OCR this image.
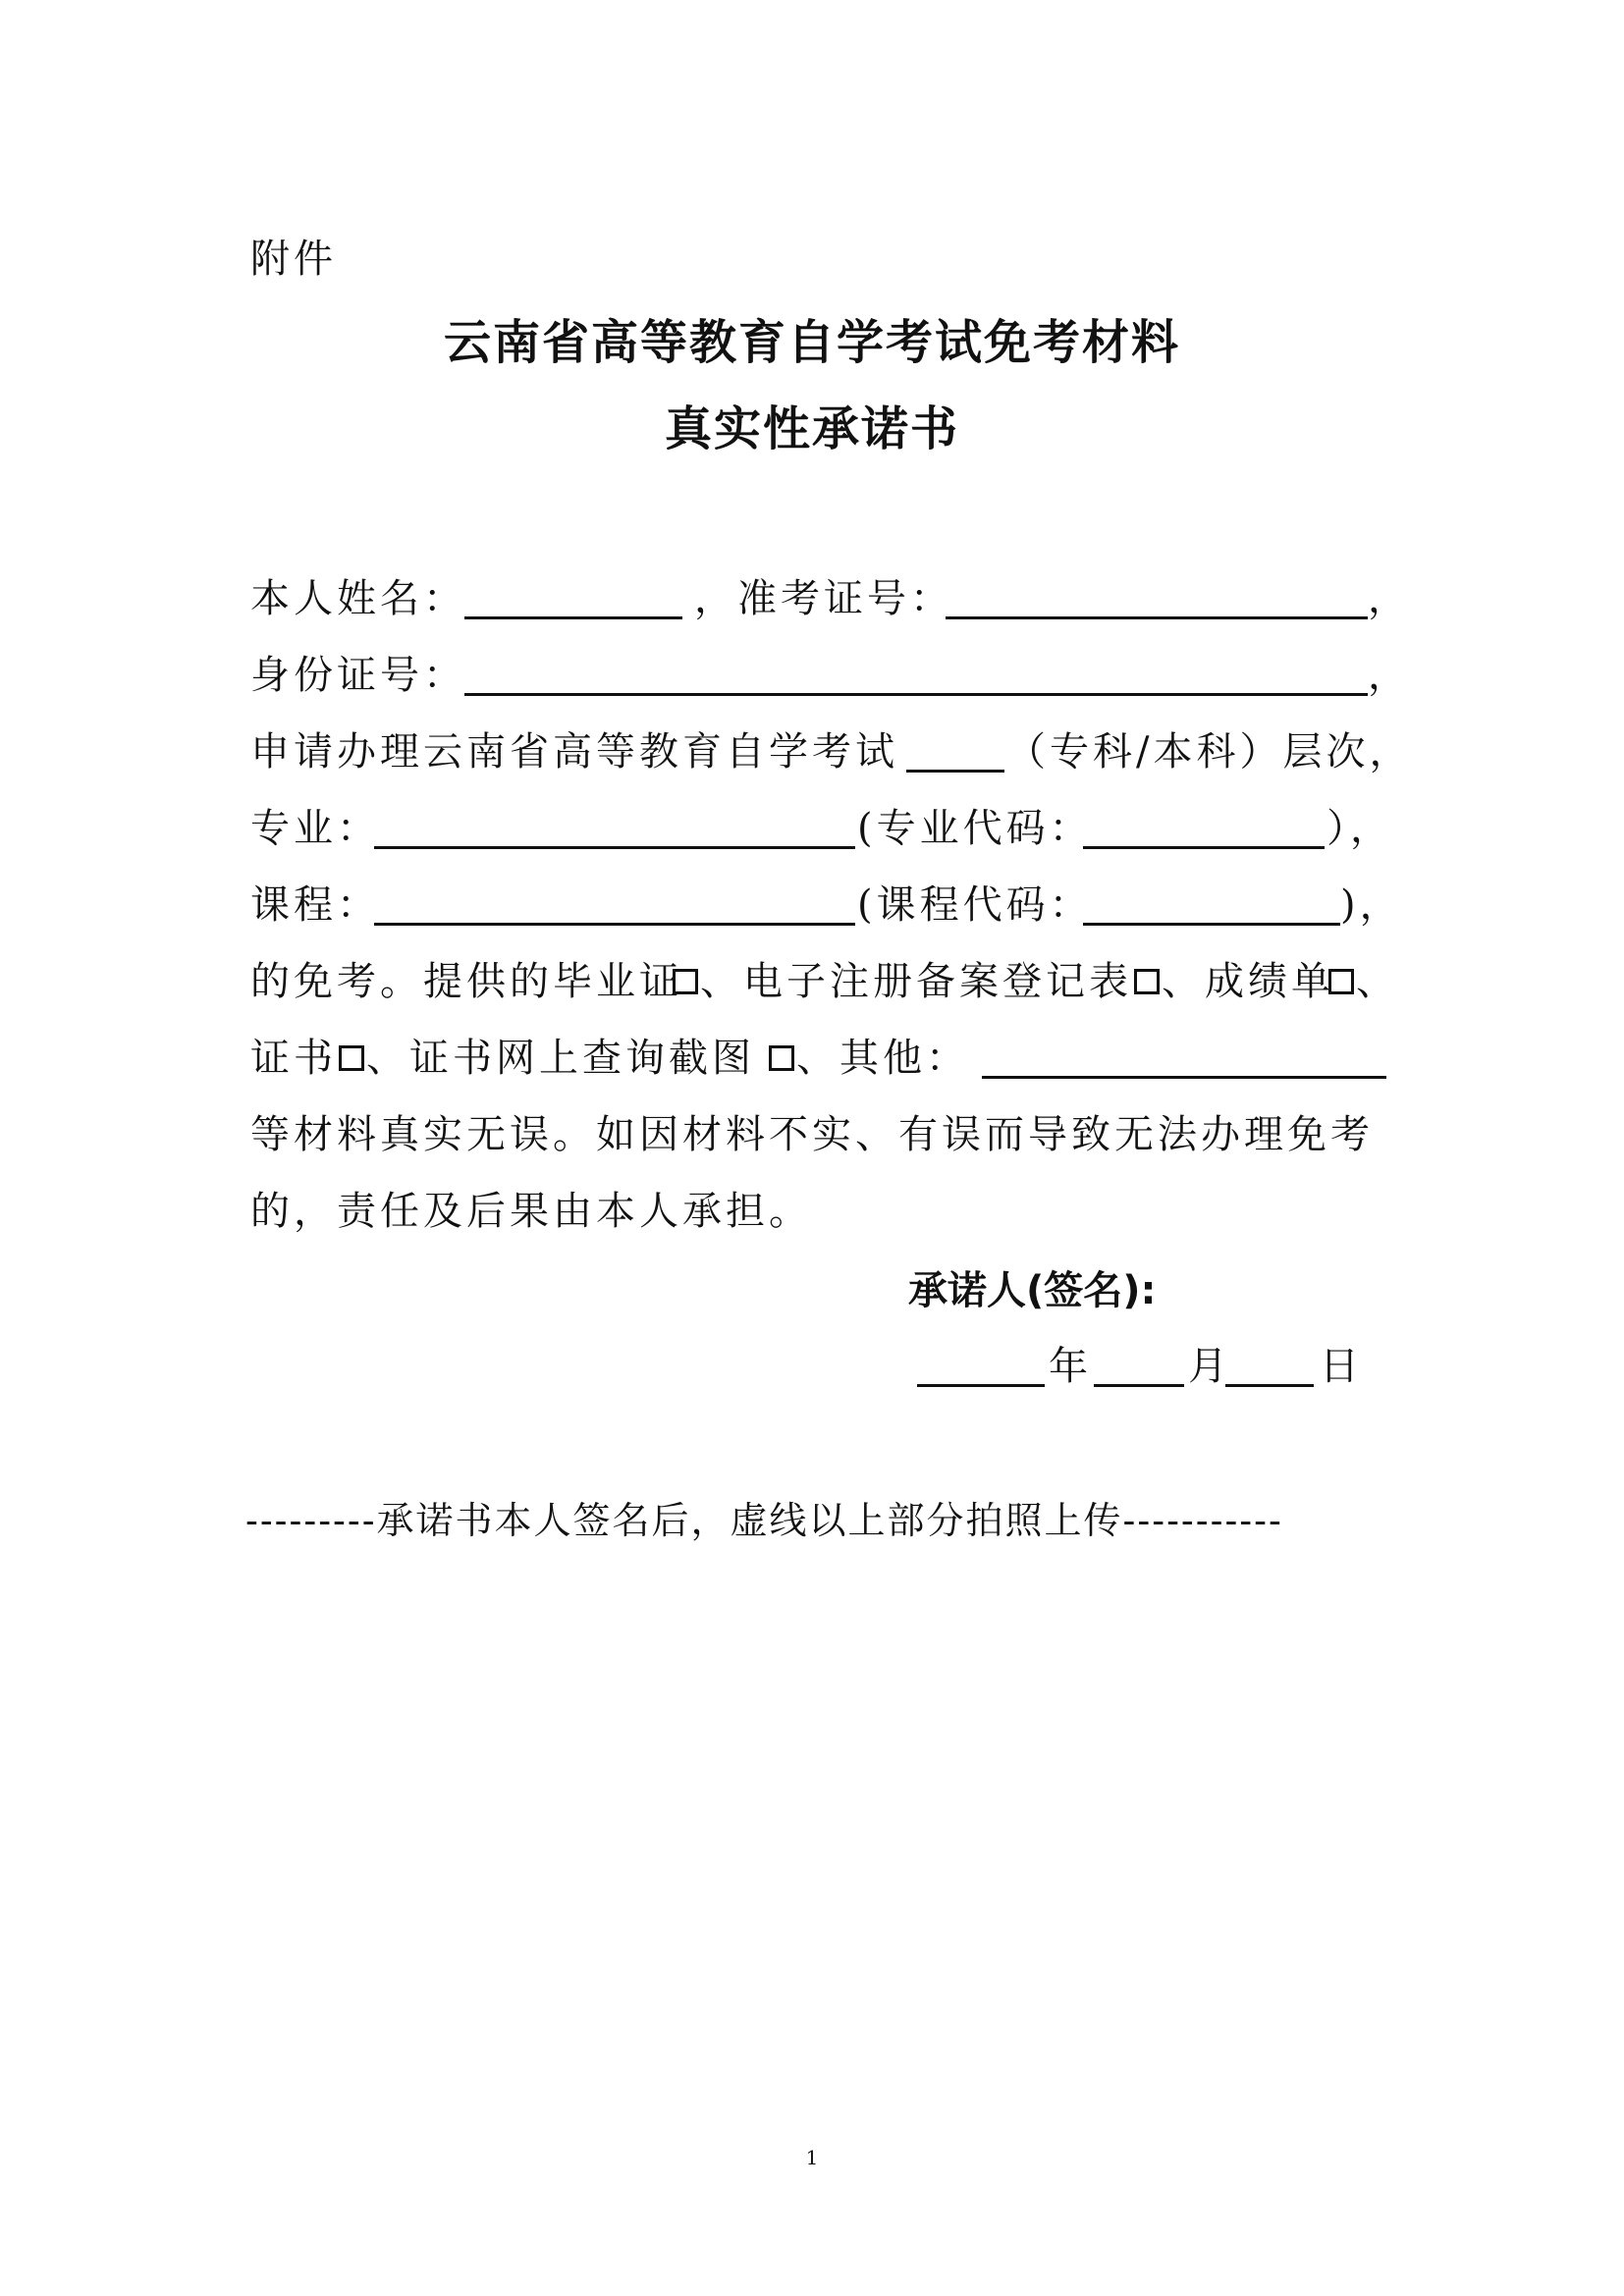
附件
云南省高等教育自学考试免考材料
真实性承诺书
本人姓名：	，准考证号：	，
身份证号：	，
申请办理云南省高等教育自学考试	（专科/本科）层次，
专业：	(专业代码：	），
课程：	(课程代码：	)，
的免考。提供的毕业证 、电子注册备案登记表 、成绩单 、
证书 、证书网上查询截图 、其他：
等材料真实无误。如因材料不实、有误而导致无法办理免考
的，责任及后果由本人承担。
承诺人(签名):
年	月 日
---------承诺书本人签名后，虚线以上部分拍照上传-----------
1
